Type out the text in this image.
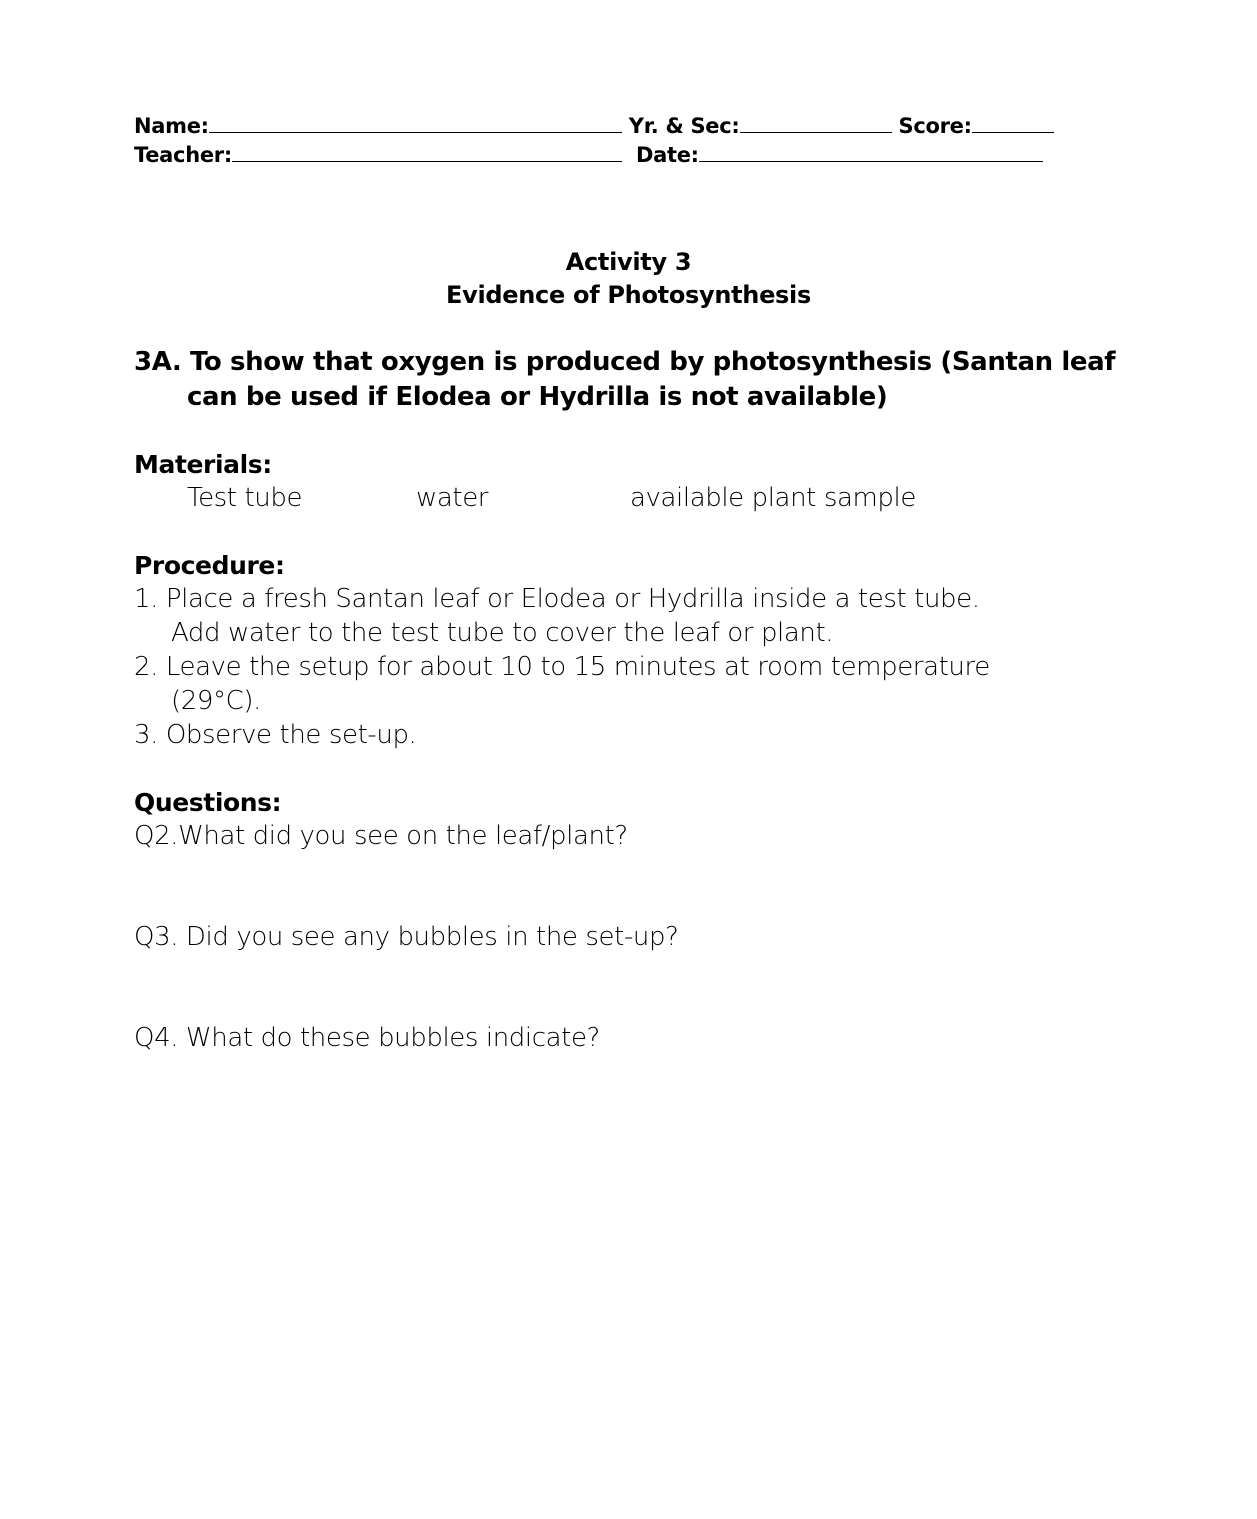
Name:	Yr. & Sec:	Score:
Teacher:	Date:
Activity 3
Evidence of Photosynthesis
3A. To show that oxygen is produced by photosynthesis (Santan leaf
can be used if Elodea or Hydrilla is not available)
Materials:
Test tube	water	available plant sample
Procedure:
1. Place a fresh Santan leaf or Elodea or Hydrilla inside a test tube.
Add water to the test tube to cover the leaf or plant.
2. Leave the setup for about 10 to 15 minutes at room temperature
(29°C).
3. Observe the set-up.
Questions:
Q2.What did you see on the leaf/plant?
Q3. Did you see any bubbles in the set-up?
Q4. What do these bubbles indicate?
